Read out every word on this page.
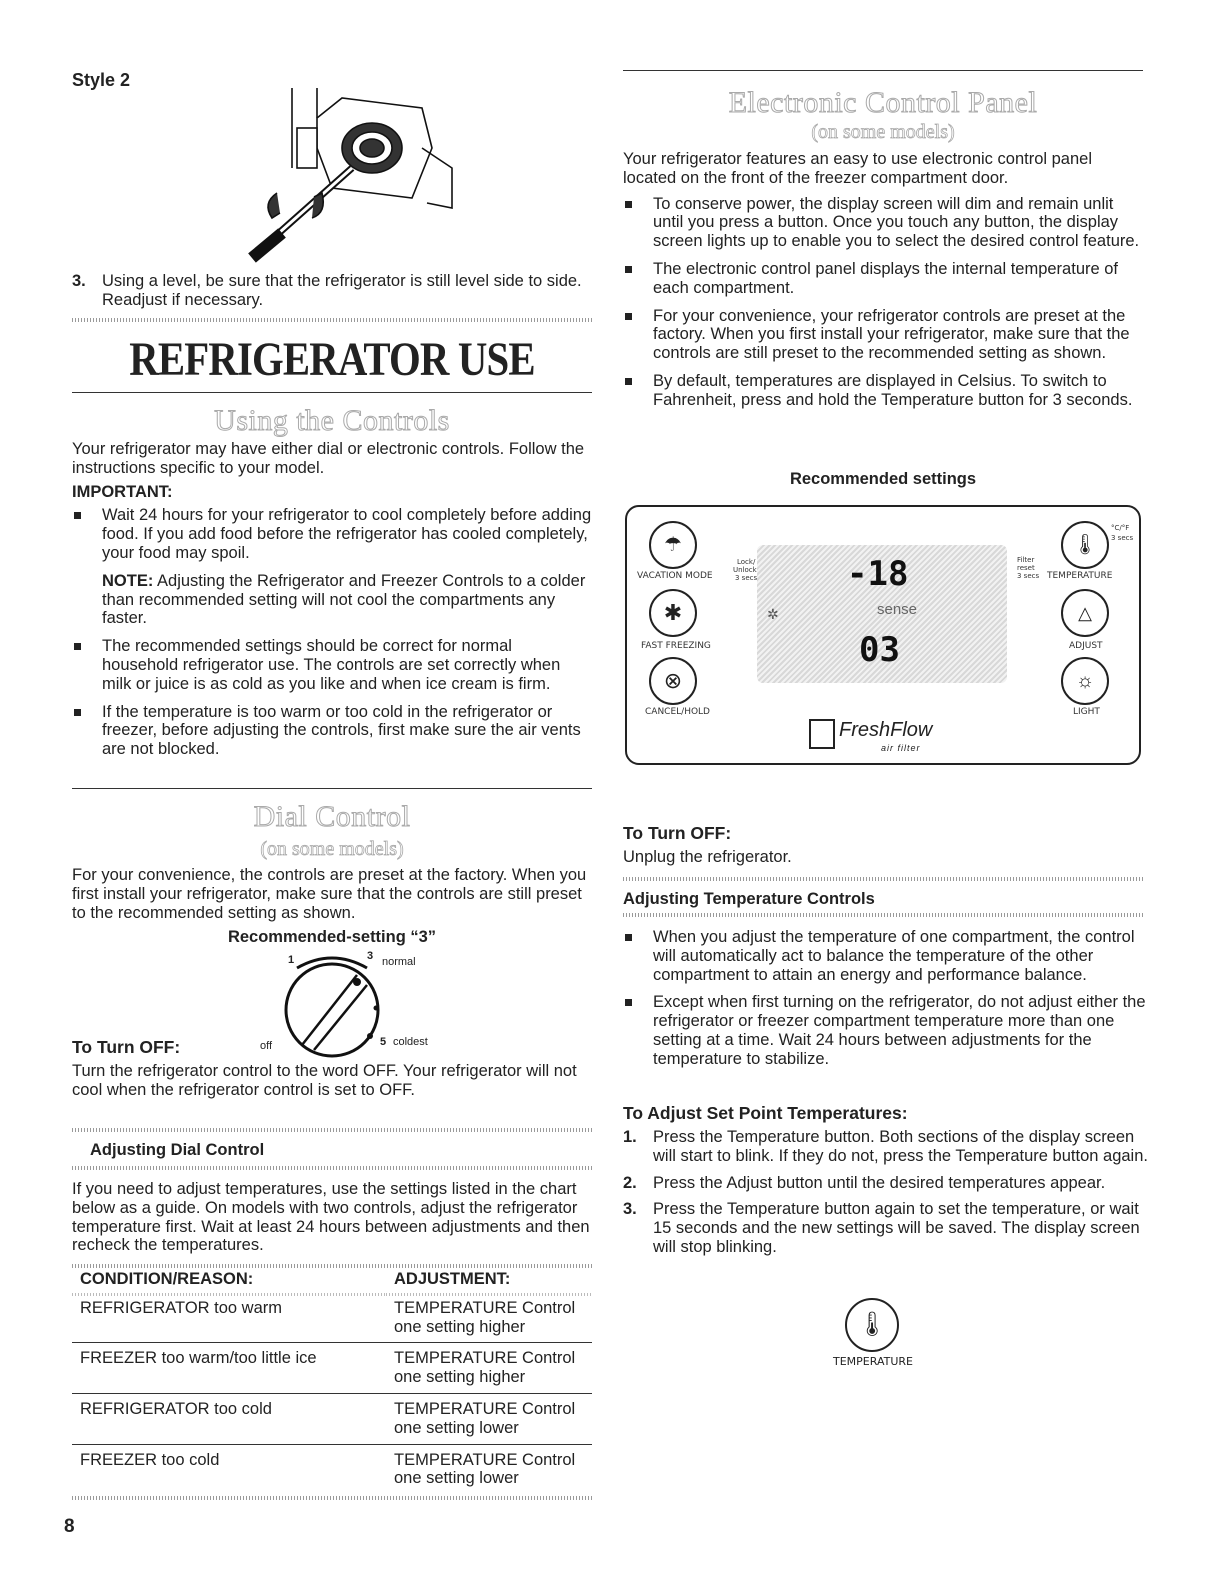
Style 2
3. Using a level, be sure that the refrigerator is still level side to side. Readjust if necessary.
REFRIGERATOR USE
Using the Controls
Your refrigerator may have either dial or electronic controls. Follow the instructions specific to your model.
IMPORTANT:
Wait 24 hours for your refrigerator to cool completely before adding food. If you add food before the refrigerator has cooled completely, your food may spoil.
NOTE: Adjusting the Refrigerator and Freezer Controls to a colder than recommended setting will not cool the compartments any faster.
The recommended settings should be correct for normal household refrigerator use. The controls are set correctly when milk or juice is as cold as you like and when ice cream is firm.
If the temperature is too warm or too cold in the refrigerator or freezer, before adjusting the controls, first make sure the air vents are not blocked.
Dial Control
(on some models)
For your convenience, the controls are preset at the factory. When you first install your refrigerator, make sure that the controls are still preset to the recommended setting as shown.
Recommended-setting “3”
1	3 normal
off	5 coldest
To Turn OFF:
Turn the refrigerator control to the word OFF. Your refrigerator will not cool when the refrigerator control is set to OFF.
Adjusting Dial Control
If you need to adjust temperatures, use the settings listed in the chart below as a guide. On models with two controls, adjust the refrigerator temperature first. Wait at least 24 hours between adjustments and then recheck the temperatures.
CONDITION/REASON:	ADJUSTMENT:
REFRIGERATOR too warm	TEMPERATURE Control one setting higher
FREEZER too warm/too little ice	TEMPERATURE Control one setting higher
REFRIGERATOR too cold	TEMPERATURE Control one setting lower
FREEZER too cold	TEMPERATURE Control one setting lower
8
Electronic Control Panel
(on some models)
Your refrigerator features an easy to use electronic control panel located on the front of the freezer compartment door.
To conserve power, the display screen will dim and remain unlit until you press a button. Once you touch any button, the display screen lights up to enable you to select the desired control feature.
The electronic control panel displays the internal temperature of each compartment.
For your convenience, your refrigerator controls are preset at the factory. When you first install your refrigerator, make sure that the controls are still preset to the recommended setting as shown.
By default, temperatures are displayed in Celsius. To switch to Fahrenheit, press and hold the Temperature button for 3 seconds.
Recommended settings
-18
03
sense
✲
☂
VACATION MODE
Lock/
Unlock
3 secs
✱
FAST FREEZING
⊗
CANCEL/HOLD
🌡
°C/°F
3 secs
Filter
reset
3 secs TEMPERATURE
△
ADJUST
☼
LIGHT
FreshFlow
air filter
To Turn OFF:
Unplug the refrigerator.
Adjusting Temperature Controls
When you adjust the temperature of one compartment, the control will automatically act to balance the temperature of the other compartment to attain an energy and performance balance.
Except when first turning on the refrigerator, do not adjust either the refrigerator or freezer compartment temperature more than one setting at a time. Wait 24 hours between adjustments for the temperature to stabilize.
To Adjust Set Point Temperatures:
1. Press the Temperature button. Both sections of the display screen will start to blink. If they do not, press the Temperature button again.
2. Press the Adjust button until the desired temperatures appear.
3. Press the Temperature button again to set the temperature, or wait 15 seconds and the new settings will be saved. The display screen will stop blinking.
🌡
TEMPERATURE
